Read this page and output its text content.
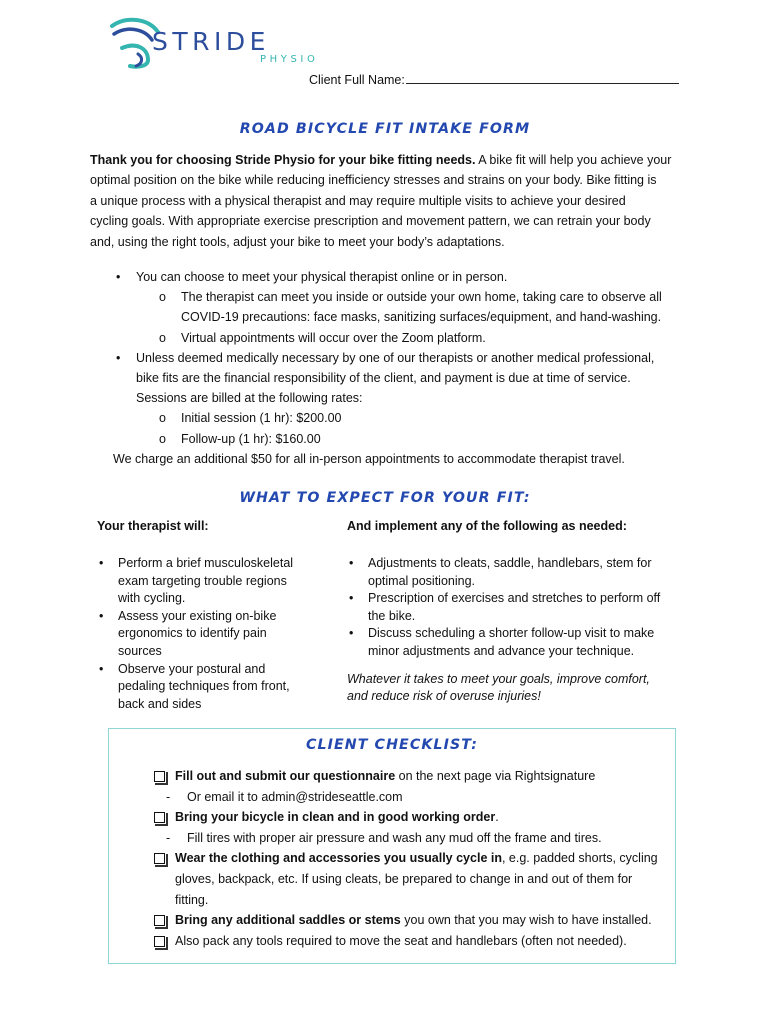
STRIDE
PHYSIO
Client Full Name:
ROAD BICYCLE FIT INTAKE FORM
Thank you for choosing Stride Physio for your bike fitting needs. A bike fit will help you achieve your
optimal position on the bike while reducing inefficiency stresses and strains on your body. Bike fitting is
a unique process with a physical therapist and may require multiple visits to achieve your desired
cycling goals. With appropriate exercise prescription and movement pattern, we can retrain your body
and, using the right tools, adjust your bike to meet your body’s adaptations.
• You can choose to meet your physical therapist online or in person.
o The therapist can meet you inside or outside your own home, taking care to observe all
COVID-19 precautions: face masks, sanitizing surfaces/equipment, and hand-washing.
o Virtual appointments will occur over the Zoom platform.
• Unless deemed medically necessary by one of our therapists or another medical professional,
bike fits are the financial responsibility of the client, and payment is due at time of service.
Sessions are billed at the following rates:
o Initial session (1 hr): $200.00
o Follow-up (1 hr): $160.00
We charge an additional $50 for all in-person appointments to accommodate therapist travel.
WHAT TO EXPECT FOR YOUR FIT:
Your therapist will:	And implement any of the following as needed:
• Perform a brief musculoskeletal
exam targeting trouble regions
with cycling.
• Assess your existing on-bike
ergonomics to identify pain
sources
• Observe your postural and
pedaling techniques from front,
back and sides
• Adjustments to cleats, saddle, handlebars, stem for
optimal positioning.
• Prescription of exercises and stretches to perform off
the bike.
• Discuss scheduling a shorter follow-up visit to make
minor adjustments and advance your technique.
Whatever it takes to meet your goals, improve comfort,
and reduce risk of overuse injuries!
CLIENT CHECKLIST:
Fill out and submit our questionnaire on the next page via Rightsignature
- Or email it to admin@strideseattle.com
Bring your bicycle in clean and in good working order.
- Fill tires with proper air pressure and wash any mud off the frame and tires.
Wear the clothing and accessories you usually cycle in, e.g. padded shorts, cycling
gloves, backpack, etc. If using cleats, be prepared to change in and out of them for
fitting.
Bring any additional saddles or stems you own that you may wish to have installed.
Also pack any tools required to move the seat and handlebars (often not needed).
